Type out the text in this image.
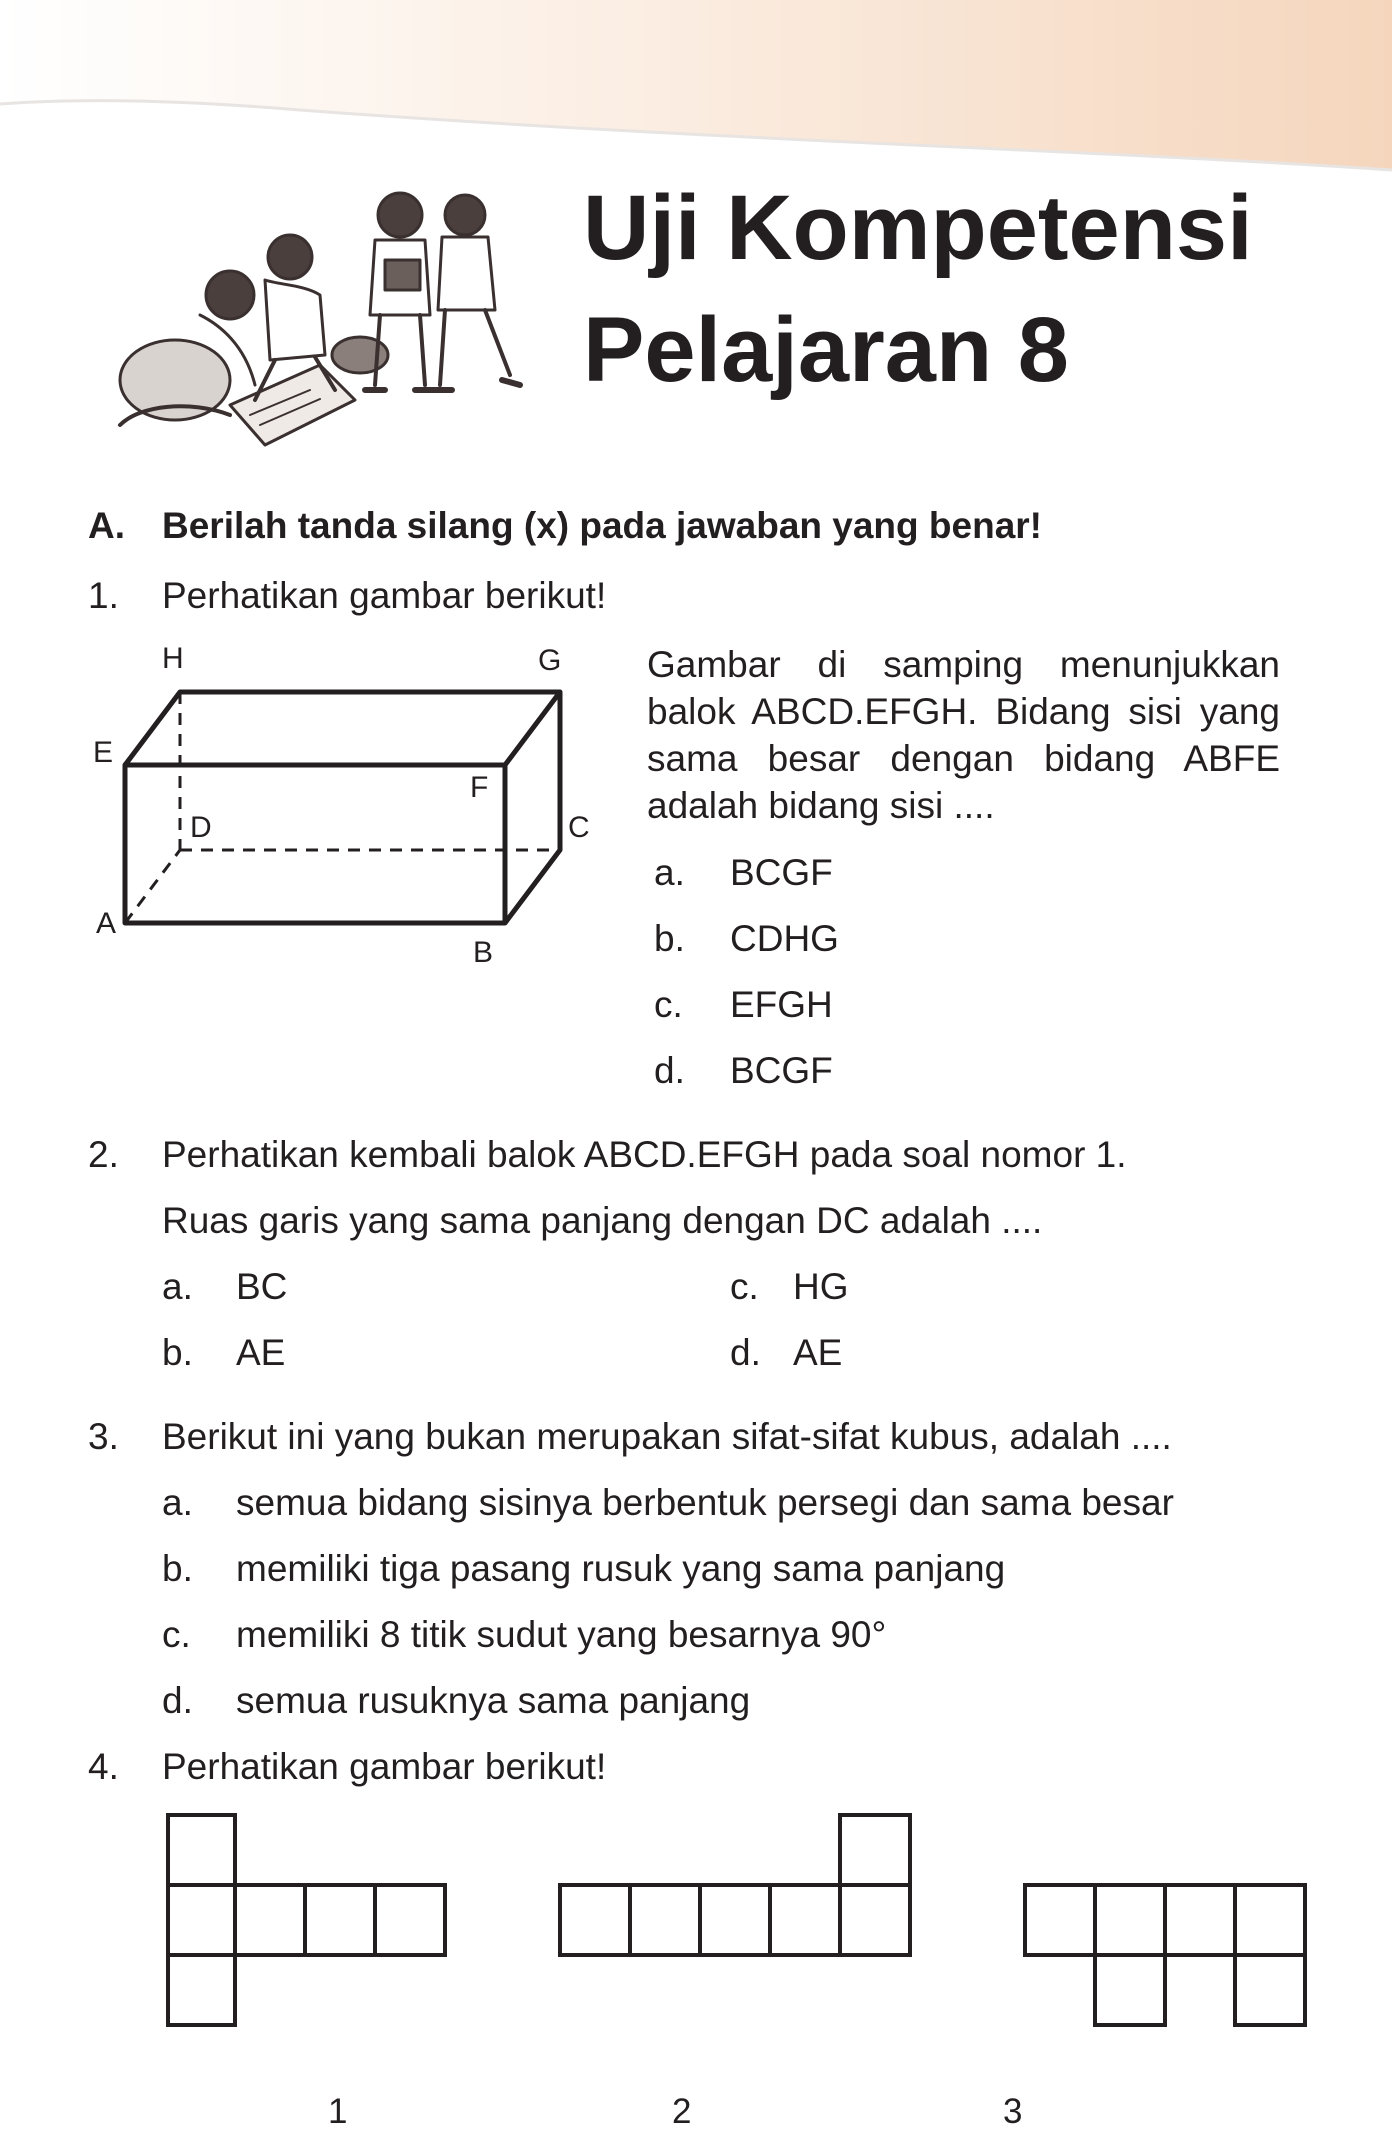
Uji Kompetensi
Pelajaran 8
A. Berilah tanda silang (x) pada jawaban yang benar!
1. Perhatikan gambar berikut!
H	G
E
F
D	C
A
B
Gambar di samping menunjukkan
balok ABCD.EFGH. Bidang sisi yang
sama besar dengan bidang ABFE
adalah bidang sisi ....
a. BCGF
b. CDHG
c. EFGH
d. BCGF
2. Perhatikan kembali balok ABCD.EFGH pada soal nomor 1.
Ruas garis yang sama panjang dengan DC adalah ....
a. BC
b. AE
c. HG
d. AE
3. Berikut ini yang bukan merupakan sifat-sifat kubus, adalah ....
a. semua bidang sisinya berbentuk persegi dan sama besar
b. memiliki tiga pasang rusuk yang sama panjang
c. memiliki 8 titik sudut yang besarnya 90°
d. semua rusuknya sama panjang
4. Perhatikan gambar berikut!
1	2	3
